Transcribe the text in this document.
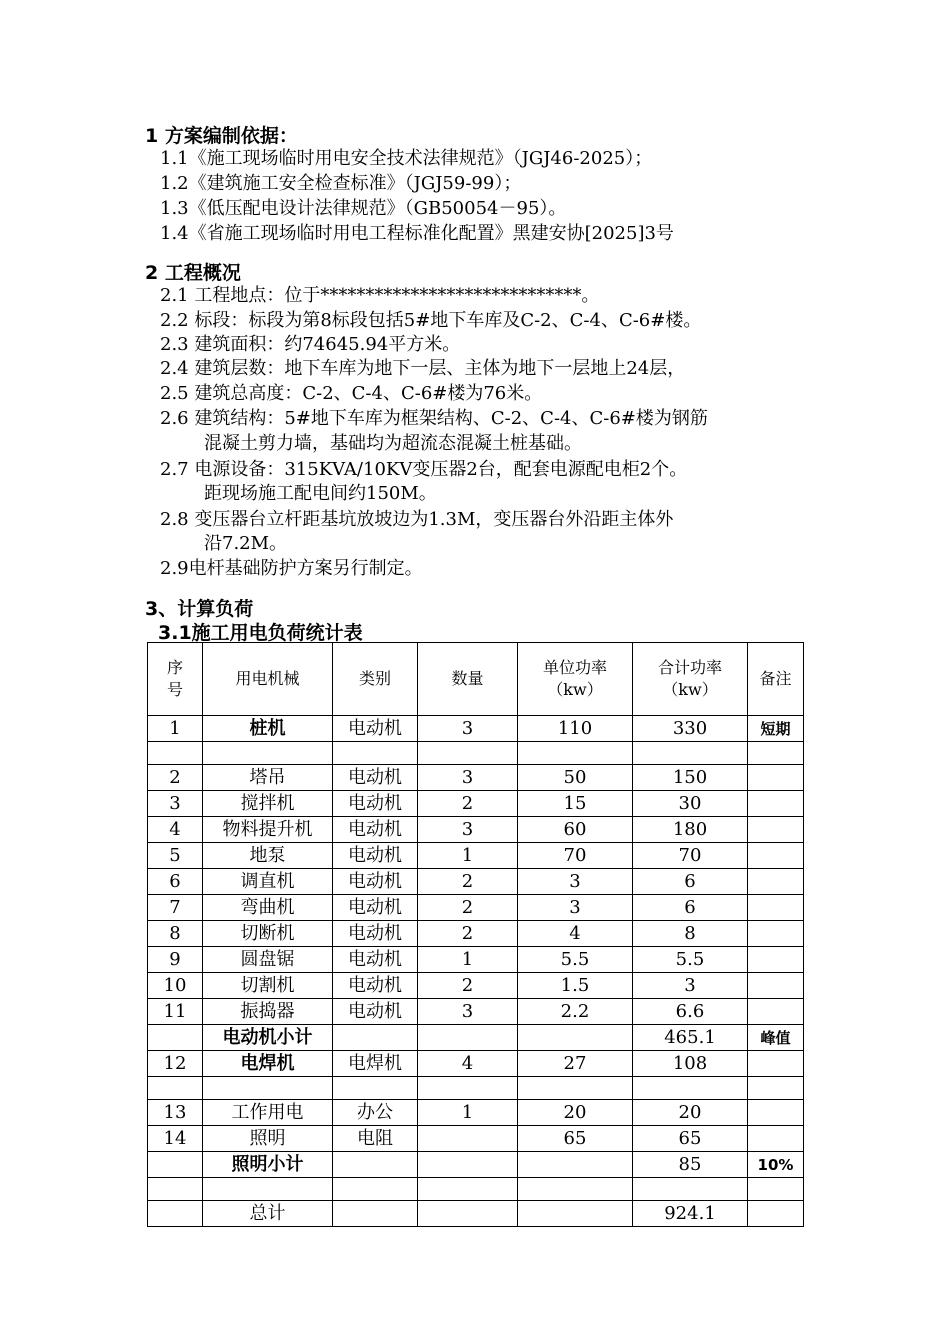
1 方案编制依据：
1.1《施工现场临时用电安全技术法律规范》（JGJ46-2025）；
1.2《建筑施工安全检查标准》（JGJ59-99）；
1.3《低压配电设计法律规范》（GB50054－95）。
1.4《省施工现场临时用电工程标准化配置》黑建安协[2025]3号
2 工程概况
2.1 工程地点：位于*****************************。
2.2 标段：标段为第8标段包括5#地下车库及C-2、C-4、C-6#楼。
2.3 建筑面积：约74645.94平方米。
2.4 建筑层数：地下车库为地下一层、主体为地下一层地上24层，
2.5 建筑总高度：C-2、C-4、C-6#楼为76米。
2.6 建筑结构：5#地下车库为框架结构、C-2、C-4、C-6#楼为钢筋
混凝土剪力墙，基础均为超流态混凝土桩基础。
2.7 电源设备：315KVA/10KV变压器2台，配套电源配电柜2个。
距现场施工配电间约150M。
2.8 变压器台立杆距基坑放坡边为1.3M，变压器台外沿距主体外
沿7.2M。
2.9电杆基础防护方案另行制定。
3、计算负荷
3.1施工用电负荷统计表
序号	用电机械	类别	数量	单位功率（kw）	合计功率（kw）	备注
1	桩机	电动机	3	110	330	短期

2	塔吊	电动机	3	50	150	
3	搅拌机	电动机	2	15	30	
4	物料提升机	电动机	3	60	180	
5	地泵	电动机	1	70	70	
6	调直机	电动机	2	3	6	
7	弯曲机	电动机	2	3	6	
8	切断机	电动机	2	4	8	
9	圆盘锯	电动机	1	5.5	5.5	
10	切割机	电动机	2	1.5	3	
11	振捣器	电动机	3	2.2	6.6	
	电动机小计				465.1	峰值
12	电焊机	电焊机	4	27	108	

13	工作用电	办公	1	20	20	
14	照明	电阻		65	65	
	照明小计				85	10%

	总计				924.1	
